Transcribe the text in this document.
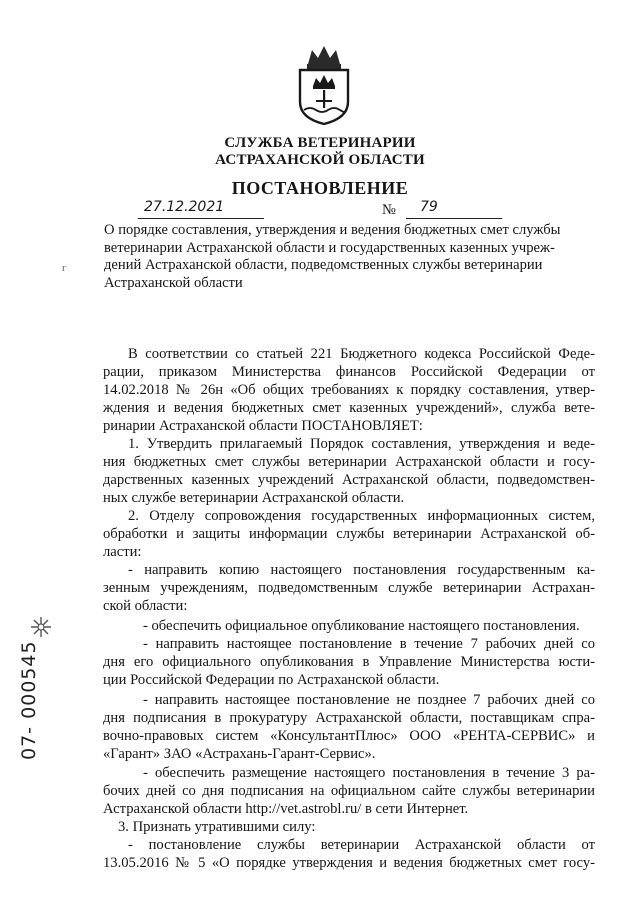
СЛУЖБА ВЕТЕРИНАРИИ
АСТРАХАНСКОЙ ОБЛАСТИ
ПОСТАНОВЛЕНИЕ
27.12.2021	№ 79
О порядке составления, утверждения и ведения бюджетных смет службы
ветеринарии Астраханской области и государственных казенных учреж-
дений Астраханской области, подведомственных службы ветеринарии
Астраханской области
г
В соответствии со статьей 221 Бюджетного кодекса Российской Феде-
рации, приказом Министерства финансов Российской Федерации от
14.02.2018 № 26н «Об общих требованиях к порядку составления, утвер-
ждения и ведения бюджетных смет казенных учреждений», служба вете-
ринарии Астраханской области ПОСТАНОВЛЯЕТ:
1. Утвердить прилагаемый Порядок составления, утверждения и веде-
ния бюджетных смет службы ветеринарии Астраханской области и госу-
дарственных казенных учреждений Астраханской области, подведомствен-
ных службе ветеринарии Астраханской области.
2. Отделу сопровождения государственных информационных систем,
обработки и защиты информации службы ветеринарии Астраханской об-
ласти:
- направить копию настоящего постановления государственным ка-
зенным учреждениям, подведомственным службе ветеринарии Астрахан-
ской области:
- обеспечить официальное опубликование настоящего постановления.
- направить настоящее постановление в течение 7 рабочих дней со
дня его официального опубликования в Управление Министерства юсти-
ции Российской Федерации по Астраханской области.
- направить настоящее постановление не позднее 7 рабочих дней со
дня подписания в прокуратуру Астраханской области, поставщикам спра-
вочно-правовых систем «КонсультантПлюс» ООО «РЕНТА-СЕРВИС» и
«Гарант» ЗАО «Астрахань-Гарант-Сервис».
- обеспечить размещение настоящего постановления в течение 3 ра-
бочих дней со дня подписания на официальном сайте службы ветеринарии
Астраханской области http://vet.astrobl.ru/ в сети Интернет.
3. Признать утратившими силу:
- постановление службы ветеринарии Астраханской области от
13.05.2016 № 5 «О порядке утверждения и ведения бюджетных смет госу-
07- 000545
